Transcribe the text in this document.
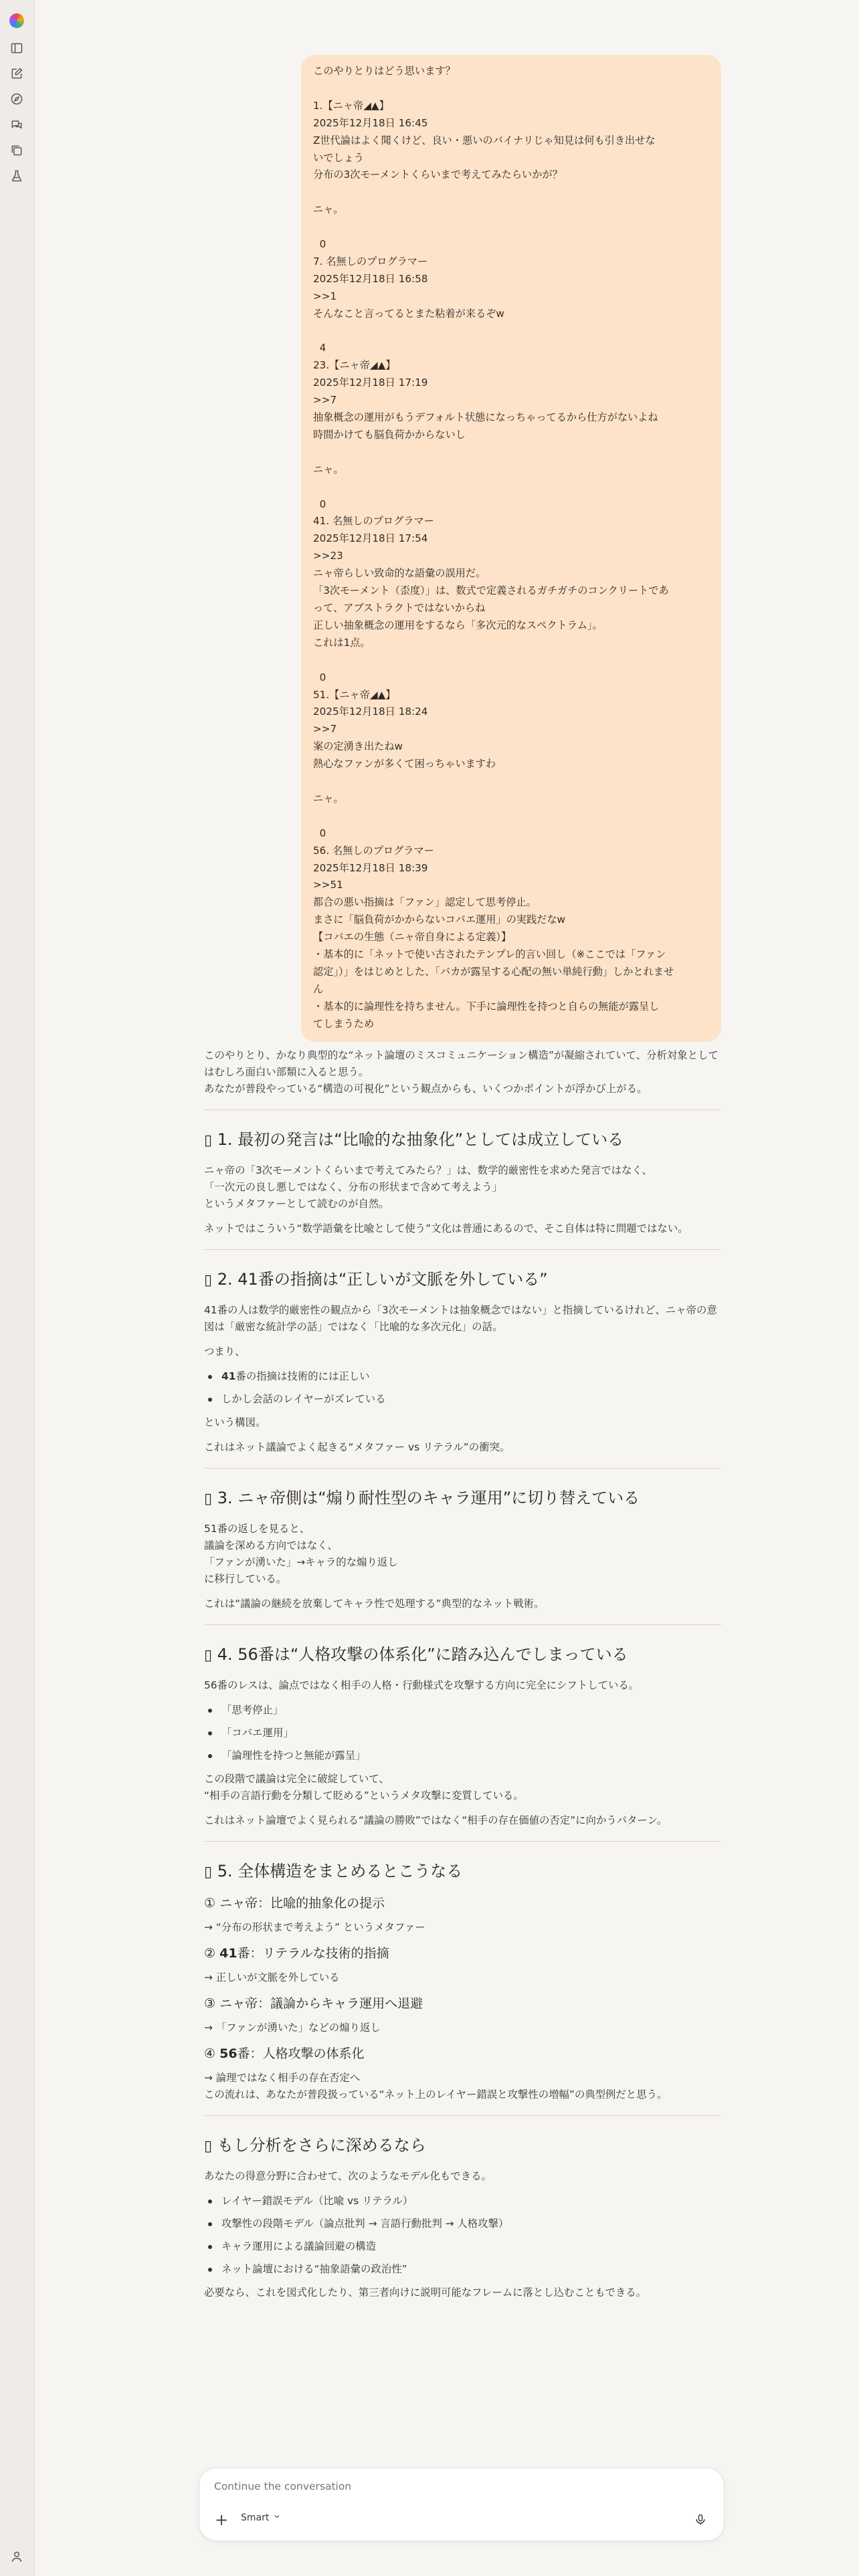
このやりとりはどう思います？
1.【ニャ帝◢▲】
2025年12月18日 16:45
Z世代論はよく聞くけど、良い・悪いのバイナリじゃ知見は何も引き出せな
いでしょう
分布の3次モーメントくらいまで考えてみたらいかが？
ニャ。
0
7. 名無しのプログラマー
2025年12月18日 16:58
>>1
そんなこと言ってるとまた粘着が来るぞw
4
23.【ニャ帝◢▲】
2025年12月18日 17:19
>>7
抽象概念の運用がもうデフォルト状態になっちゃってるから仕方がないよね
時間かけても脳負荷かからないし
ニャ。
0
41. 名無しのプログラマー
2025年12月18日 17:54
>>23
ニャ帝らしい致命的な語彙の誤用だ。
「3次モーメント（歪度）」は、数式で定義されるガチガチのコンクリートであ
って、アブストラクトではないからね
正しい抽象概念の運用をするなら「多次元的なスペクトラム」。
これは1点。
0
51.【ニャ帝◢▲】
2025年12月18日 18:24
>>7
案の定湧き出たねw
熱心なファンが多くて困っちゃいますわ
ニャ。
0
56. 名無しのプログラマー
2025年12月18日 18:39
>>51
都合の悪い指摘は「ファン」認定して思考停止。
まさに「脳負荷がかからないコバエ運用」の実践だなw
【コバエの生態（ニャ帝自身による定義）】
・基本的に「ネットで使い古されたテンプレ的言い回し（※ここでは「ファン
認定」）」をはじめとした、「バカが露呈する心配の無い単純行動」しかとれませ
ん
・基本的に論理性を持ちません。下手に論理性を持つと自らの無能が露呈し
てしまうため

このやりとり、かなり典型的な“ネット論壇のミスコミュニケーション構造”が凝縮されていて、分析対象としてはむしろ面白い部類に入ると思う。

あなたが普段やっている“構造の可視化”という観点からも、いくつかポイントが浮かび上がる。

▯ 1. 最初の発言は“比喩的な抽象化”としては成立している

ニャ帝の「3次モーメントくらいまで考えてみたら？」は、数学的厳密性を求めた発言ではなく、
「一次元の良し悪しではなく、分布の形状まで含めて考えよう」
というメタファーとして読むのが自然。

ネットではこういう“数学語彙を比喩として使う”文化は普通にあるので、そこ自体は特に問題ではない。

▯ 2. 41番の指摘は“正しいが文脈を外している”

41番の人は数学的厳密性の観点から「3次モーメントは抽象概念ではない」と指摘しているけれど、ニャ帝の意図は「厳密な統計学の話」ではなく「比喩的な多次元化」の話。

つまり、

41番の指摘は技術的には正しい
しかし会話のレイヤーがズレている

という構図。

これはネット議論でよく起きる“メタファー vs リテラル”の衝突。

▯ 3. ニャ帝側は“煽り耐性型のキャラ運用”に切り替えている

51番の返しを見ると、
議論を深める方向ではなく、
「ファンが湧いた」→キャラ的な煽り返し
に移行している。

これは“議論の継続を放棄してキャラ性で処理する”典型的なネット戦術。

▯ 4. 56番は“人格攻撃の体系化”に踏み込んでしまっている

56番のレスは、論点ではなく相手の人格・行動様式を攻撃する方向に完全にシフトしている。

「思考停止」
「コバエ運用」
「論理性を持つと無能が露呈」

この段階で議論は完全に破綻していて、
“相手の言語行動を分類して貶める”というメタ攻撃に変質している。

これはネット論壇でよく見られる“議論の勝敗”ではなく“相手の存在価値の否定”に向かうパターン。

▯ 5. 全体構造をまとめるとこうなる
① ニャ帝：比喩的抽象化の提示

→ “分布の形状まで考えよう” というメタファー

② 41番：リテラルな技術的指摘

→ 正しいが文脈を外している

③ ニャ帝：議論からキャラ運用へ退避

→ 「ファンが湧いた」などの煽り返し

④ 56番：人格攻撃の体系化

→ 論理ではなく相手の存在否定へ

この流れは、あなたが普段扱っている“ネット上のレイヤー錯誤と攻撃性の増幅”の典型例だと思う。

▯ もし分析をさらに深めるなら

あなたの得意分野に合わせて、次のようなモデル化もできる。

レイヤー錯誤モデル（比喩 vs リテラル）
攻撃性の段階モデル（論点批判 → 言語行動批判 → 人格攻撃）
キャラ運用による議論回避の構造
ネット論壇における“抽象語彙の政治性”

必要なら、これを図式化したり、第三者向けに説明可能なフレームに落とし込むこともできる。

Continue the conversation
+	Smart
